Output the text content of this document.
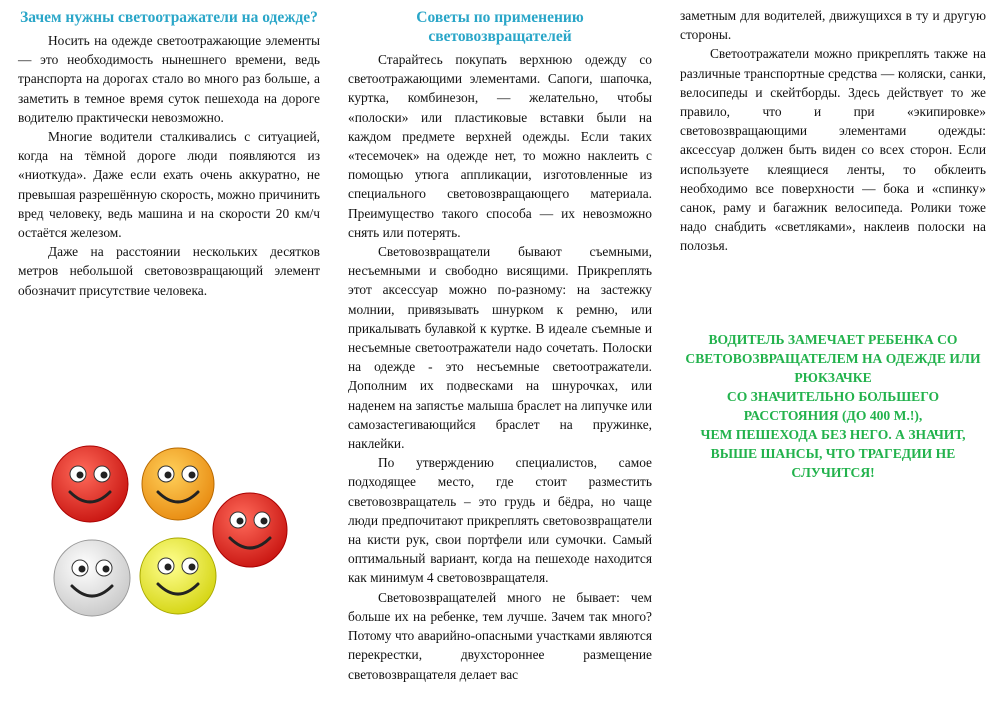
Зачем нужны светоотражатели на одежде?

Носить на одежде светоотражающие элементы — это необходимость нынешнего времени, ведь транспорта на дорогах стало во много раз больше, а заметить в темное время суток пешехода на дороге водителю практически невозможно.

Многие водители сталкивались с ситуацией, когда на тёмной дороге люди появляются из «ниоткуда». Даже если ехать очень аккуратно, не превышая разрешённую скорость, можно причинить вред человеку, ведь машина и на скорости 20 км/ч остаётся железом.

Даже на расстоянии нескольких десятков метров небольшой световозвращающий элемент обозначит присутствие человека.

Советы по применению световозвращателей

Старайтесь покупать верхнюю одежду со светоотражающими элементами. Сапоги, шапочка, куртка, комбинезон, — желательно, чтобы «полоски» или пластиковые вставки были на каждом предмете верхней одежды. Если таких «тесемочек» на одежде нет, то можно наклеить с помощью утюга аппликации, изготовленные из специального световозвращающего материала. Преимущество такого способа — их невозможно снять или потерять.

Световозвращатели бывают съемными, несъемными и свободно висящими. Прикреплять этот аксессуар можно по-разному: на застежку молнии, привязывать шнурком к ремню, или прикалывать булавкой к куртке. В идеале съемные и несъемные светоотражатели надо сочетать. Полоски на одежде - это несъемные светоотражатели. Дополним их подвесками на шнурочках, или наденем на запястье малыша браслет на липучке или самозастегивающийся браслет на пружинке, наклейки.

По утверждению специалистов, самое подходящее место, где стоит разместить световозвращатель – это грудь и бёдра, но чаще люди предпочитают прикреплять световозвращатели на кисти рук, свои портфели или сумочки. Самый оптимальный вариант, когда на пешеходе находится как минимум 4 световозвращателя.

Световозвращателей много не бывает: чем больше их на ребенке, тем лучше. Зачем так много? Потому что аварийно-опасными участками являются перекрестки, двухстороннее размещение световозвращателя делает вас

заметным для водителей, движущихся в ту и другую стороны.

Светоотражатели можно прикреплять также на различные транспортные средства — коляски, санки, велосипеды и скейтборды. Здесь действует то же правило, что и при «экипировке» световозвращающими элементами одежды: аксессуар должен быть виден со всех сторон. Если используете клеящиеся ленты, то обклеить необходимо все поверхности — бока и «спинку» санок, раму и багажник велосипеда. Ролики тоже надо снабдить «светляками», наклеив полоски на полозья.

ВОДИТЕЛЬ ЗАМЕЧАЕТ РЕБЕНКА СО СВЕТОВОЗВРАЩАТЕЛЕМ НА ОДЕЖДЕ ИЛИ РЮКЗАЧКЕ
СО ЗНАЧИТЕЛЬНО БОЛЬШЕГО РАССТОЯНИЯ (ДО 400 М.!),
ЧЕМ ПЕШЕХОДА БЕЗ НЕГО. А ЗНАЧИТ, ВЫШЕ ШАНСЫ, ЧТО ТРАГЕДИИ НЕ СЛУЧИТСЯ!
